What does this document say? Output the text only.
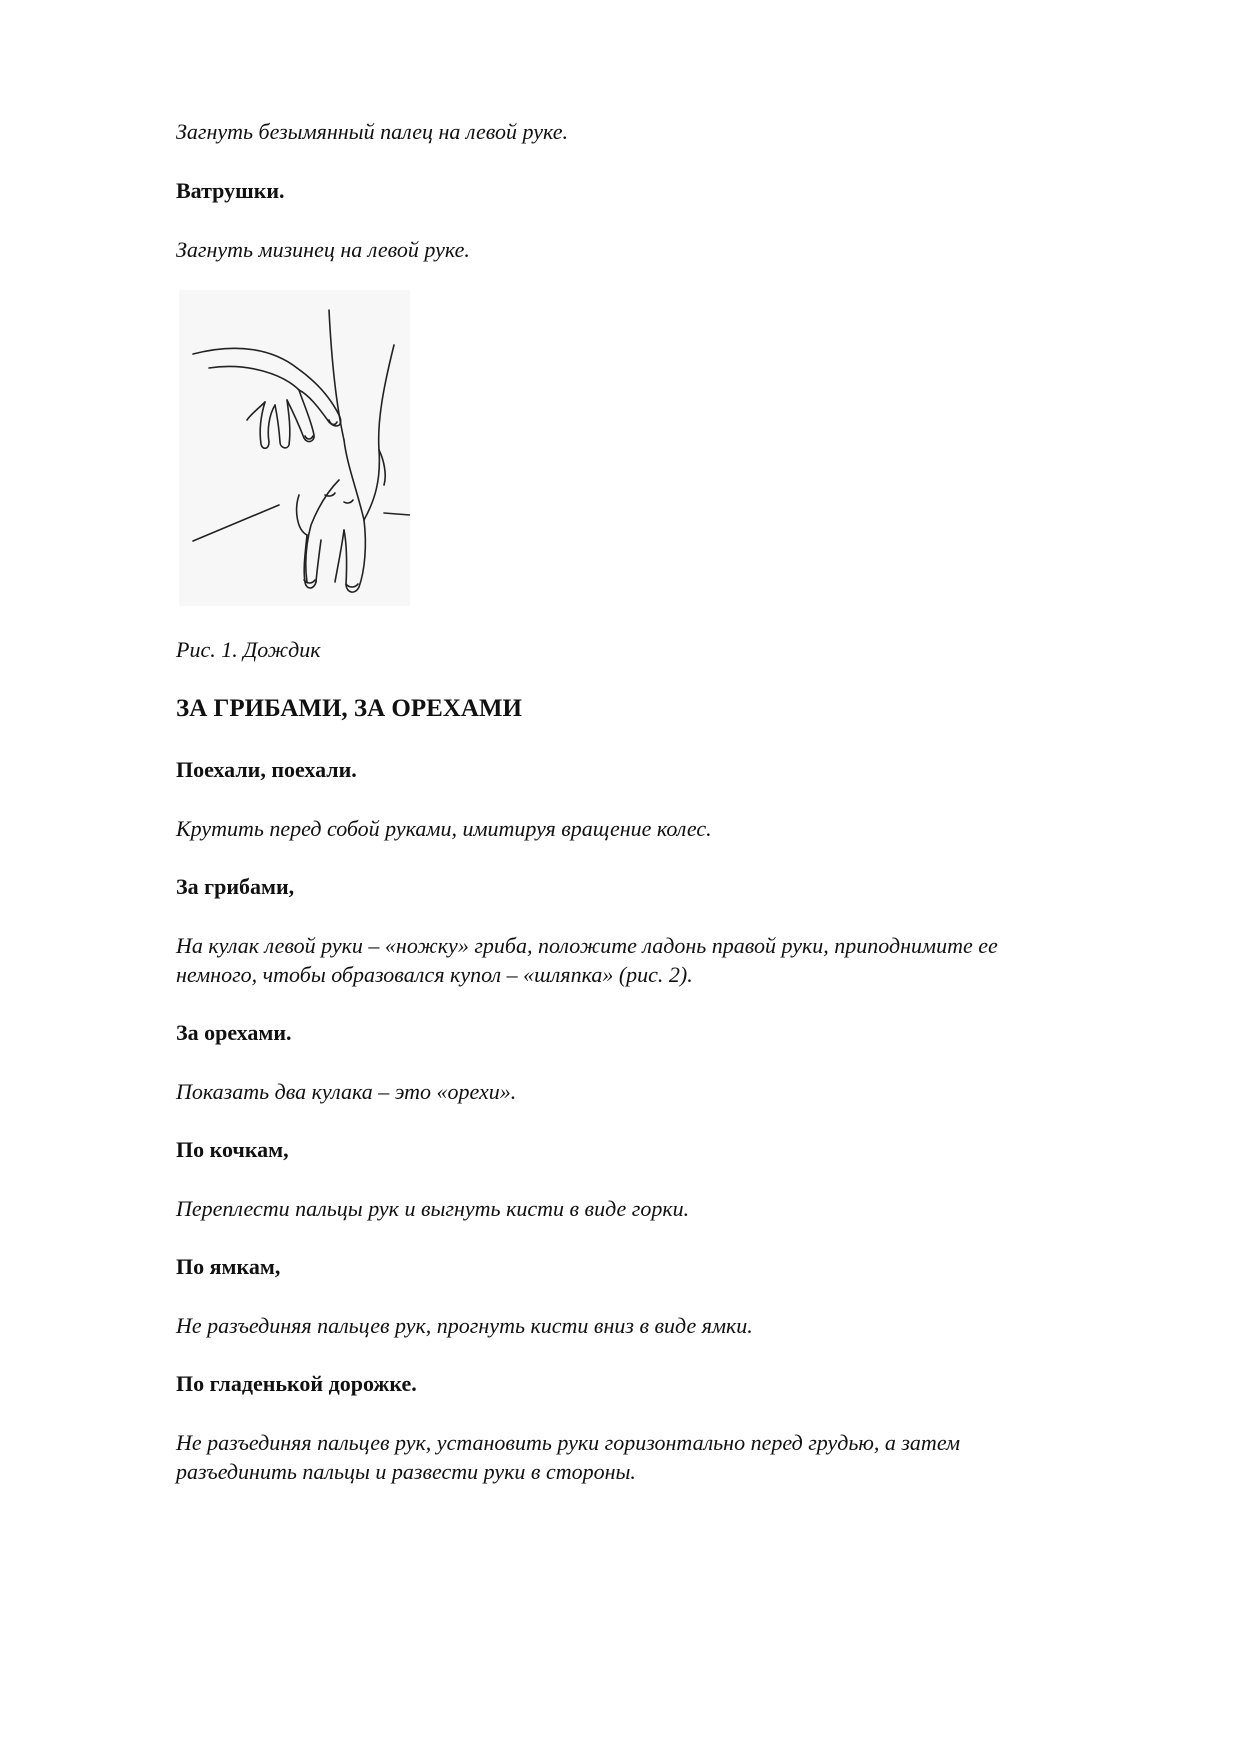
Загнуть безымянный палец на левой руке.

Ватрушки.

Загнуть мизинец на левой руке.

Рис. 1. Дождик

ЗА ГРИБАМИ, ЗА ОРЕХАМИ

Поехали, поехали.

Крутить перед собой руками, имитируя вращение колес.

За грибами,

На кулак левой руки – «ножку» гриба, положите ладонь правой руки, приподнимите ее

немного, чтобы образовался купол – «шляпка» (рис. 2).

За орехами.

Показать два кулака – это «орехи».

По кочкам,

Переплести пальцы рук и выгнуть кисти в виде горки.

По ямкам,

Не разъединяя пальцев рук, прогнуть кисти вниз в виде ямки.

По гладенькой дорожке.

Не разъединяя пальцев рук, установить руки горизонтально перед грудью, а затем

разъединить пальцы и развести руки в стороны.
